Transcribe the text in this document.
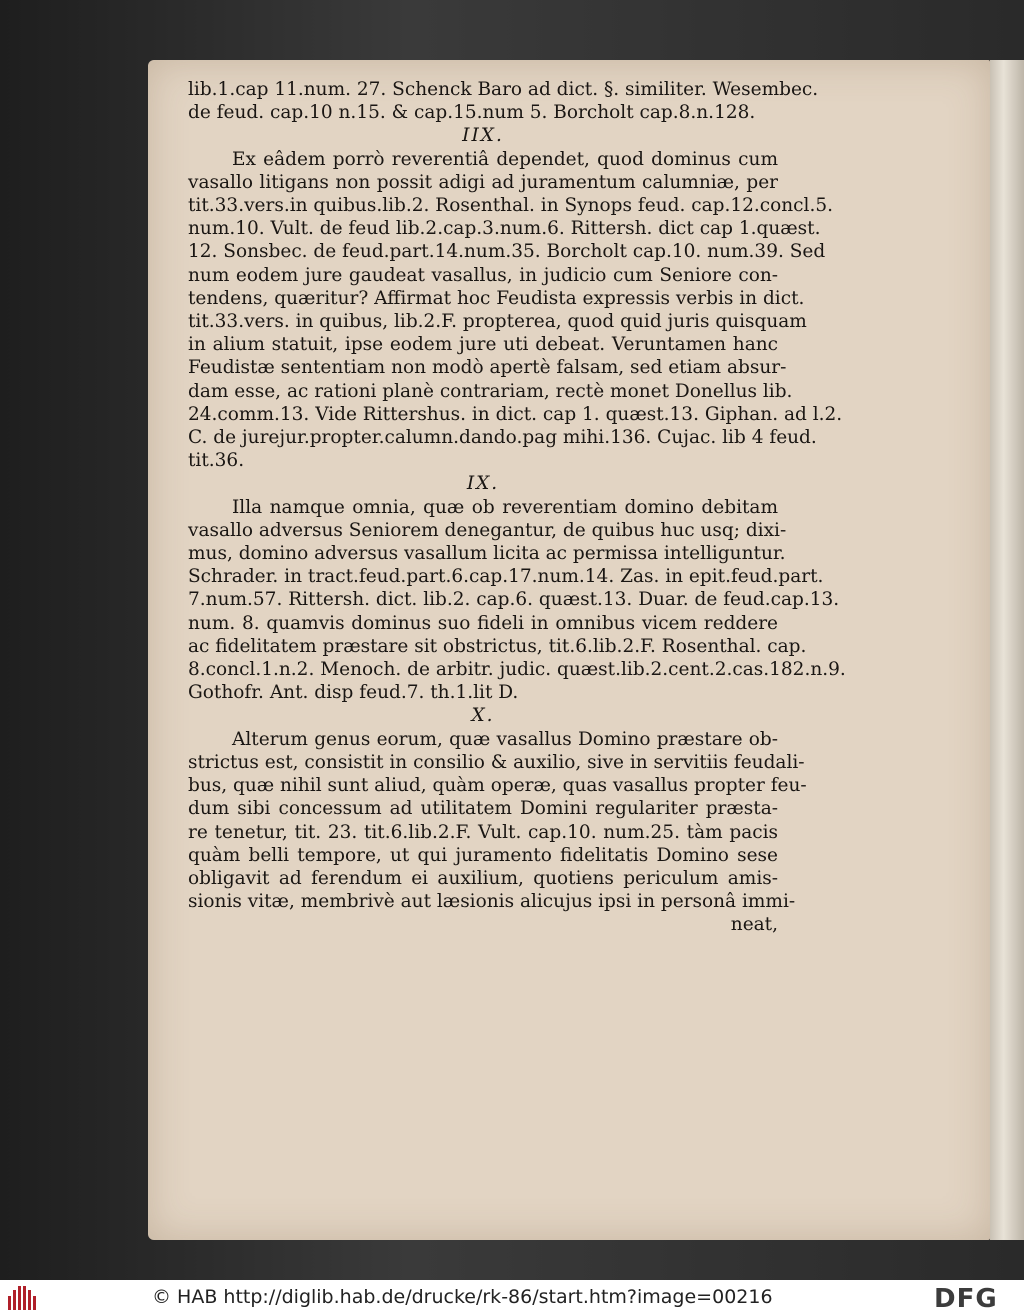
lib.1.cap 11.num. 27. Schenck Baro ad dict. §. similiter. Wesembec.
de feud. cap.10 n.15. & cap.15.num 5. Borcholt cap.8.n.128.
IIX.
Ex eâdem porrò reverentiâ dependet, quod dominus cum
vasallo litigans non possit adigi ad juramentum calumniæ, per
tit.33.vers.in quibus.lib.2. Rosenthal. in Synops feud. cap.12.concl.5.
num.10. Vult. de feud lib.2.cap.3.num.6. Rittersh. dict cap 1.quæst.
12. Sonsbec. de feud.part.14.num.35. Borcholt cap.10. num.39. Sed
num eodem jure gaudeat vasallus, in judicio cum Seniore con-
tendens, quæritur? Affirmat hoc Feudista expressis verbis in dict.
tit.33.vers. in quibus, lib.2.F. propterea, quod quid juris quisquam
in alium statuit, ipse eodem jure uti debeat. Veruntamen hanc
Feudistæ sententiam non modò apertè falsam, sed etiam absur-
dam esse, ac rationi planè contrariam, rectè monet Donellus lib.
24.comm.13. Vide Rittershus. in dict. cap 1. quæst.13. Giphan. ad l.2.
C. de jurejur.propter.calumn.dando.pag mihi.136. Cujac. lib 4 feud.
tit.36.
IX.
Illa namque omnia, quæ ob reverentiam domino debitam
vasallo adversus Seniorem denegantur, de quibus huc usq; dixi-
mus, domino adversus vasallum licita ac permissa intelliguntur.
Schrader. in tract.feud.part.6.cap.17.num.14. Zas. in epit.feud.part.
7.num.57. Rittersh. dict. lib.2. cap.6. quæst.13. Duar. de feud.cap.13.
num. 8. quamvis dominus suo fideli in omnibus vicem reddere
ac fidelitatem præstare sit obstrictus, tit.6.lib.2.F. Rosenthal. cap.
8.concl.1.n.2. Menoch. de arbitr. judic. quæst.lib.2.cent.2.cas.182.n.9.
Gothofr. Ant. disp feud.7. th.1.lit D.
X.
Alterum genus eorum, quæ vasallus Domino præstare ob-
strictus est, consistit in consilio & auxilio, sive in servitiis feudali-
bus, quæ nihil sunt aliud, quàm operæ, quas vasallus propter feu-
dum sibi concessum ad utilitatem Domini regulariter præsta-
re tenetur, tit. 23. tit.6.lib.2.F. Vult. cap.10. num.25. tàm pacis
quàm belli tempore, ut qui juramento fidelitatis Domino sese
obligavit ad ferendum ei auxilium, quotiens periculum amis-
sionis vitæ, membrivè aut læsionis alicujus ipsi in personâ immi-
neat,
© HAB http://diglib.hab.de/drucke/rk-86/start.htm?image=00216	DFG
